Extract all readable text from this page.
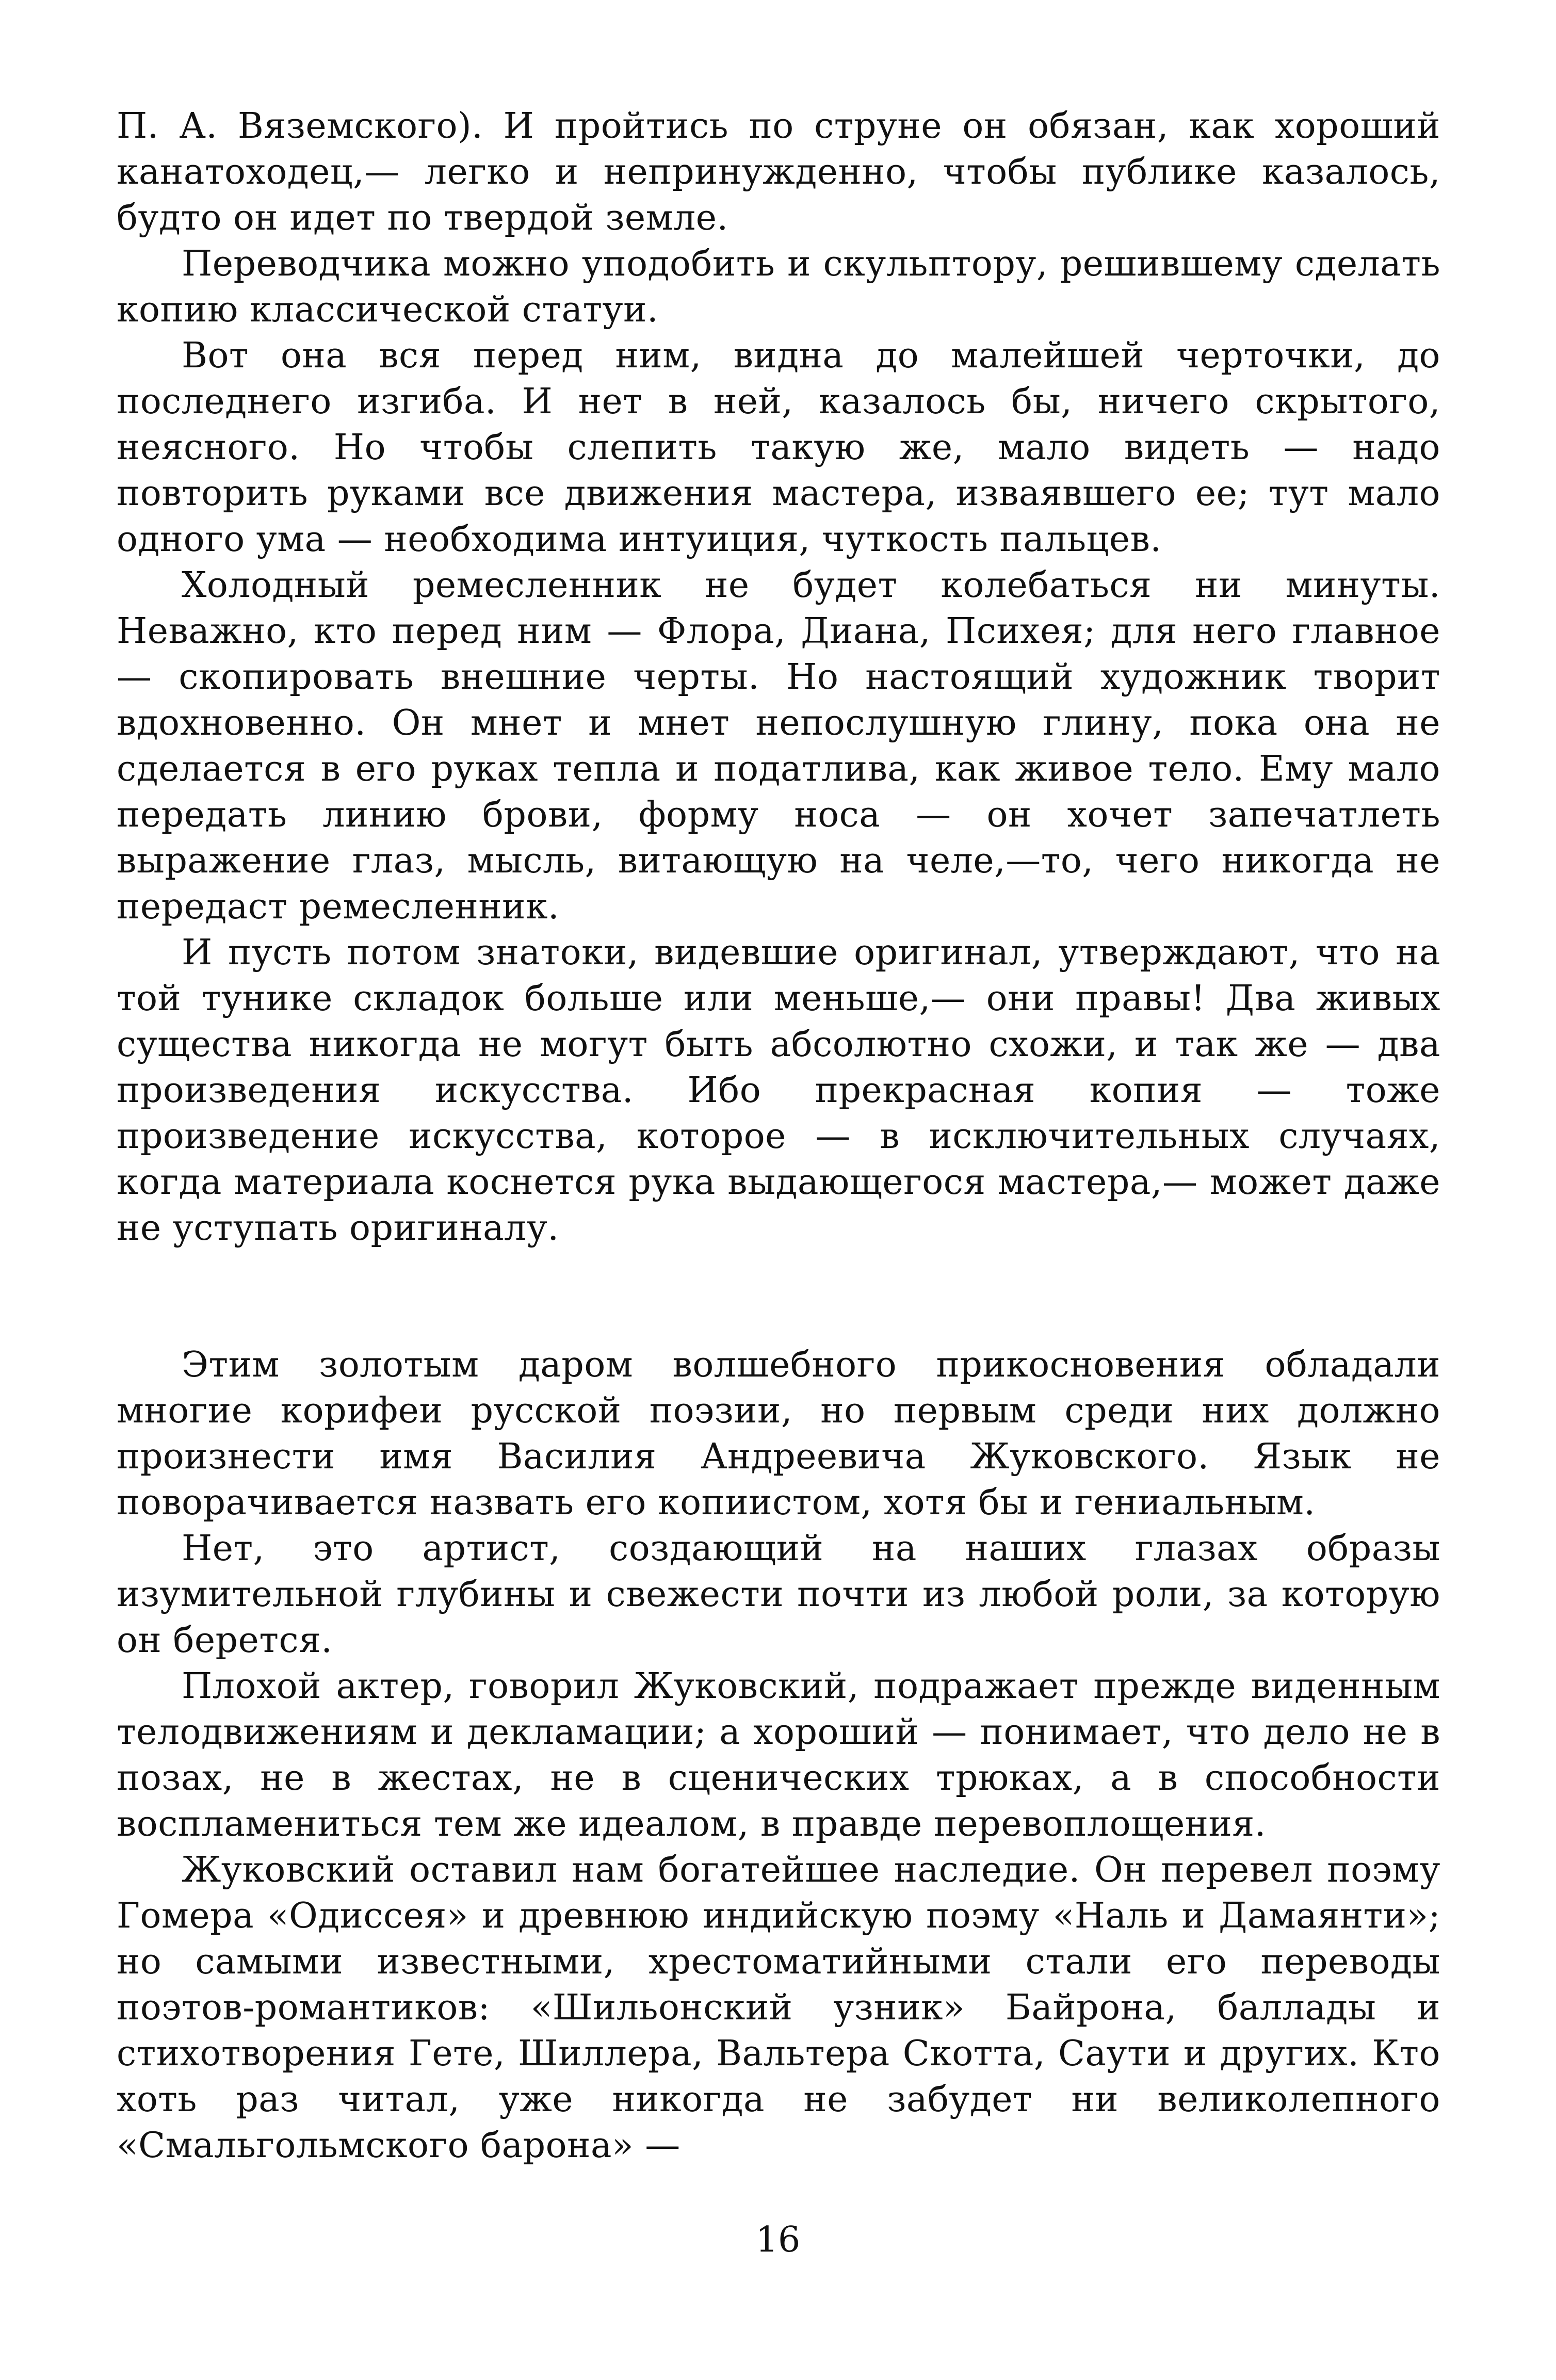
П. А. Вяземского). И пройтись по струне он обязан, как хороший канатоходец,— легко и непринужденно, чтобы публике казалось, будто он идет по твердой земле.

Переводчика можно уподобить и скульптору, решившему сделать копию классической статуи.

Вот она вся перед ним, видна до малейшей черточки, до последнего изгиба. И нет в ней, казалось бы, ничего скрытого, неясного. Но чтобы слепить такую же, мало видеть — надо повторить руками все движения мастера, изваявшего ее; тут мало одного ума — необходима интуиция, чуткость пальцев.

Холодный ремесленник не будет колебаться ни минуты. Неважно, кто перед ним — Флора, Диана, Психея; для него главное — скопировать внешние черты. Но настоящий художник творит вдохновенно. Он мнет и мнет непослушную глину, пока она не сделается в его руках тепла и податлива, как живое тело. Ему мало передать линию брови, форму носа — он хочет запечатлеть выражение глаз, мысль, витающую на челе,—то, чего никогда не передаст ремесленник.

И пусть потом знатоки, видевшие оригинал, утверждают, что на той тунике складок больше или меньше,— они правы! Два живых существа никогда не могут быть абсолютно схожи, и так же — два произведения искусства. Ибо прекрасная копия — тоже произведение искусства, которое — в исключительных случаях, когда материала коснется рука выдающегося мастера,— может даже не уступать оригиналу.

Этим золотым даром волшебного прикосновения обладали многие корифеи русской поэзии, но первым среди них должно произнести имя Василия Андреевича Жуковского. Язык не поворачивается назвать его копиистом, хотя бы и гениальным.

Нет, это артист, создающий на наших глазах образы изумительной глубины и свежести почти из любой роли, за которую он берется.

Плохой актер, говорил Жуковский, подражает прежде виденным телодвижениям и декламации; а хороший — понимает, что дело не в позах, не в жестах, не в сценических трюках, а в способности воспламениться тем же идеалом, в правде перевоплощения.

Жуковский оставил нам богатейшее наследие. Он перевел поэму Гомера «Одиссея» и древнюю индийскую поэму «Наль и Дамаянти»; но самыми известными, хрестоматийными стали его переводы поэтов-романтиков: «Шильонский узник» Байрона, баллады и стихотворения Гете, Шиллера, Вальтера Скотта, Саути и других. Кто хоть раз читал, уже никогда не забудет ни великолепного «Смальгольмского барона» —

16
